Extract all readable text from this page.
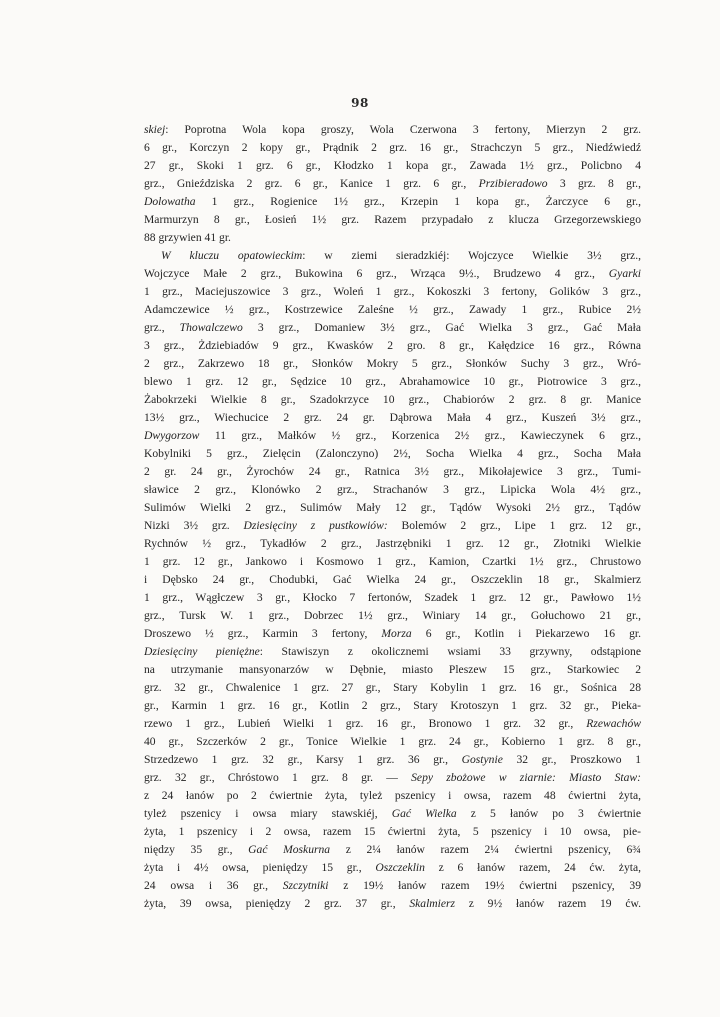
98
skiej: Poprotna Wola kopa groszy, Wola Czerwona 3 fertony, Mierzyn 2 grz.
6 gr., Korczyn 2 kopy gr., Prądnik 2 grz. 16 gr., Strachczyn 5 grz., Niedźwiedź
27 gr., Skoki 1 grz. 6 gr., Kłodzko 1 kopa gr., Zawada 1½ grz., Policbno 4
grz., Gnieździska 2 grz. 6 gr., Kanice 1 grz. 6 gr., Przibieradowo 3 grz. 8 gr.,
Dolowatha 1 grz., Rogienice 1½ grz., Krzepin 1 kopa gr., Żarczyce 6 gr.,
Marmurzyn 8 gr., Łosień 1½ grz. Razem przypadało z klucza Grzegorzewskiego
88 grzywien 41 gr.
W kluczu opatowieckim: w ziemi sieradzkiéj: Wojczyce Wielkie 3½ grz.,
Wojczyce Małe 2 grz., Bukowina 6 grz., Wrząca 9½., Brudzewo 4 grz., Gyarki
1 grz., Maciejuszowice 3 grz., Woleń 1 grz., Kokoszki 3 fertony, Golików 3 grz.,
Adamczewice ½ grz., Kostrzewice Zaleśne ½ grz., Zawady 1 grz., Rubice 2½
grz., Thowalczewo 3 grz., Domaniew 3½ grz., Gać Wielka 3 grz., Gać Mała
3 grz., Żdziebiadów 9 grz., Kwasków 2 gro. 8 gr., Kałędzice 16 grz., Równa
2 grz., Zakrzewo 18 gr., Słonków Mokry 5 grz., Słonków Suchy 3 grz., Wró-
blewo 1 grz. 12 gr., Sędzice 10 grz., Abrahamowice 10 gr., Piotrowice 3 grz.,
Żabokrzeki Wielkie 8 gr., Szadokrzyce 10 grz., Chabiorów 2 grz. 8 gr. Manice
13½ grz., Wiechucice 2 grz. 24 gr. Dąbrowa Mała 4 grz., Kuszeń 3½ grz.,
Dwygorzow 11 grz., Małków ½ grz., Korzenica 2½ grz., Kawieczynek 6 grz.,
Kobylniki 5 grz., Zielęcin (Zalonczyno) 2½, Socha Wielka 4 grz., Socha Mała
2 gr. 24 gr., Żyrochów 24 gr., Ratnica 3½ grz., Mikołajewice 3 grz., Tumi-
sławice 2 grz., Klonówko 2 grz., Strachanów 3 grz., Lipicka Wola 4½ grz.,
Sulimów Wielki 2 grz., Sulimów Mały 12 gr., Tądów Wysoki 2½ grz., Tądów
Nizki 3½ grz. Dziesięciny z pustkowiów: Bolemów 2 grz., Lipe 1 grz. 12 gr.,
Rychnów ½ grz., Tykadłów 2 grz., Jastrzębniki 1 grz. 12 gr., Złotniki Wielkie
1 grz. 12 gr., Jankowo i Kosmowo 1 grz., Kamion, Czartki 1½ grz., Chrustowo
i Dębsko 24 gr., Chodubki, Gać Wielka 24 gr., Oszczeklin 18 gr., Skalmierz
1 grz., Wągłczew 3 gr., Kłocko 7 fertonów, Szadek 1 grz. 12 gr., Pawłowo 1½
grz., Tursk W. 1 grz., Dobrzec 1½ grz., Winiary 14 gr., Gołuchowo 21 gr.,
Droszewo ½ grz., Karmin 3 fertony, Morza 6 gr., Kotlin i Piekarzewo 16 gr.
Dziesięciny pieniężne: Stawiszyn z okolicznemi wsiami 33 grzywny, odstąpione
na utrzymanie mansyonarzów w Dębnie, miasto Pleszew 15 grz., Starkowiec 2
grz. 32 gr., Chwalenice 1 grz. 27 gr., Stary Kobylin 1 grz. 16 gr., Sośnica 28
gr., Karmin 1 grz. 16 gr., Kotlin 2 grz., Stary Krotoszyn 1 grz. 32 gr., Pieka-
rzewo 1 grz., Lubień Wielki 1 grz. 16 gr., Bronowo 1 grz. 32 gr., Rzewachów
40 gr., Szczerków 2 gr., Tonice Wielkie 1 grz. 24 gr., Kobierno 1 grz. 8 gr.,
Strzedzewo 1 grz. 32 gr., Karsy 1 grz. 36 gr., Gostynie 32 gr., Proszkowo 1
grz. 32 gr., Chróstowo 1 grz. 8 gr. — Sepy zbożowe w ziarnie: Miasto Staw:
z 24 łanów po 2 ćwiertnie żyta, tyleż pszenicy i owsa, razem 48 ćwiertni żyta,
tyleż pszenicy i owsa miary stawskiéj, Gać Wielka z 5 łanów po 3 ćwiertnie
żyta, 1 pszenicy i 2 owsa, razem 15 ćwiertni żyta, 5 pszenicy i 10 owsa, pie-
niędzy 35 gr., Gać Moskurna z 2¼ łanów razem 2¼ ćwiertni pszenicy, 6¾
żyta i 4½ owsa, pieniędzy 15 gr., Oszczeklin z 6 łanów razem, 24 ćw. żyta,
24 owsa i 36 gr., Szczytniki z 19½ łanów razem 19½ ćwiertni pszenicy, 39
żyta, 39 owsa, pieniędzy 2 grz. 37 gr., Skalmierz z 9½ łanów razem 19 ćw.
